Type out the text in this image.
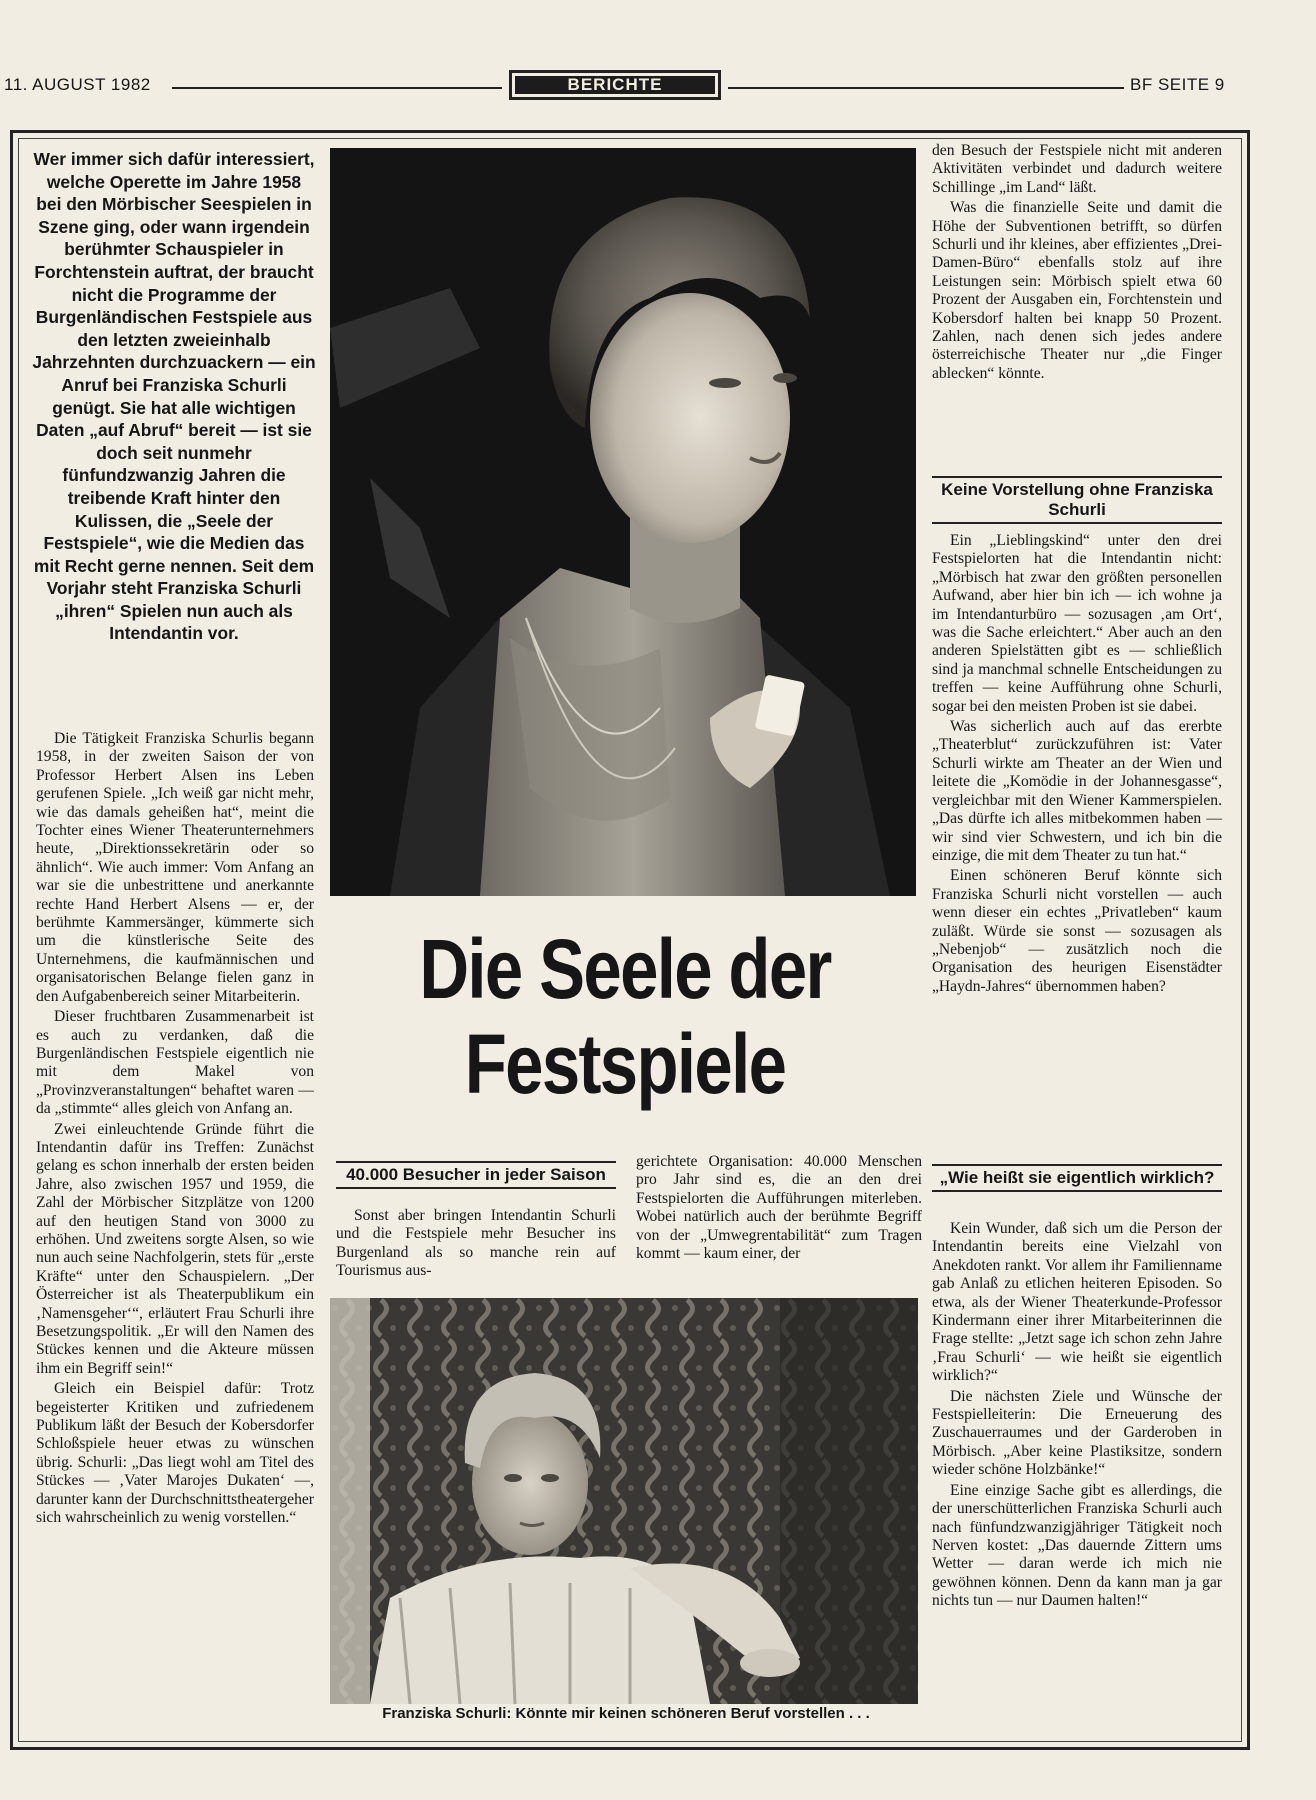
11. AUGUST 1982	BERICHTE	BF SEITE 9
Wer immer sich dafür interessiert, welche Operette im Jahre 1958 bei den Mörbischer Seespielen in Szene ging, oder wann irgendein berühmter Schauspieler in Forchtenstein auftrat, der braucht nicht die Programme der Burgenländischen Festspiele aus den letzten zweieinhalb Jahrzehnten durchzuackern — ein Anruf bei Franziska Schurli genügt. Sie hat alle wichtigen Daten „auf Abruf“ bereit — ist sie doch seit nunmehr fünfundzwanzig Jahren die treibende Kraft hinter den Kulissen, die „Seele der Festspiele“, wie die Medien das mit Recht gerne nennen. Seit dem Vorjahr steht Franziska Schurli „ihren“ Spielen nun auch als Intendantin vor.

Die Tätigkeit Franziska Schurlis begann 1958, in der zweiten Saison der von Professor Herbert Alsen ins Leben gerufenen Spiele. „Ich weiß gar nicht mehr, wie das damals geheißen hat“, meint die Tochter eines Wiener Theaterunternehmers heute, „Direktionssekretärin oder so ähnlich“. Wie auch immer: Vom Anfang an war sie die unbestrittene und anerkannte rechte Hand Herbert Alsens — er, der berühmte Kammersänger, kümmerte sich um die künstlerische Seite des Unternehmens, die kaufmännischen und organisatorischen Belange fielen ganz in den Aufgabenbereich seiner Mitarbeiterin.

Dieser fruchtbaren Zusammenarbeit ist es auch zu verdanken, daß die Burgenländischen Festspiele eigentlich nie mit dem Makel von „Provinzveranstaltungen“ behaftet waren — da „stimmte“ alles gleich von Anfang an.

Zwei einleuchtende Gründe führt die Intendantin dafür ins Treffen: Zunächst gelang es schon innerhalb der ersten beiden Jahre, also zwischen 1957 und 1959, die Zahl der Mörbischer Sitzplätze von 1200 auf den heutigen Stand von 3000 zu erhöhen. Und zweitens sorgte Alsen, so wie nun auch seine Nachfolgerin, stets für „erste Kräfte“ unter den Schauspielern. „Der Österreicher ist als Theaterpublikum ein ‚Namensgeher‘“, erläutert Frau Schurli ihre Besetzungspolitik. „Er will den Namen des Stückes kennen und die Akteure müssen ihm ein Begriff sein!“

Gleich ein Beispiel dafür: Trotz begeisterter Kritiken und zufriedenem Publikum läßt der Besuch der Kobersdorfer Schloßspiele heuer etwas zu wünschen übrig. Schurli: „Das liegt wohl am Titel des Stückes — ‚Vater Marojes Dukaten‘ —, darunter kann der Durchschnittstheatergeher sich wahrscheinlich zu wenig vorstellen.“

Die Seele der
Festspiele
40.000 Besucher in jeder Saison

Sonst aber bringen Intendantin Schurli und die Festspiele mehr Besucher ins Burgenland als so manche rein auf Tourismus aus-

gerichtete Organisation: 40.000 Menschen pro Jahr sind es, die an den drei Festspielorten die Aufführungen miterleben. Wobei natürlich auch der berühmte Begriff von der „Umwegrentabilität“ zum Tragen kommt — kaum einer, der

Franziska Schurli: Könnte mir keinen schöneren Beruf vorstellen . . .

den Besuch der Festspiele nicht mit anderen Aktivitäten verbindet und dadurch weitere Schillinge „im Land“ läßt.

Was die finanzielle Seite und damit die Höhe der Subventionen betrifft, so dürfen Schurli und ihr kleines, aber effizientes „Drei-Damen-Büro“ ebenfalls stolz auf ihre Leistungen sein: Mörbisch spielt etwa 60 Prozent der Ausgaben ein, Forchtenstein und Kobersdorf halten bei knapp 50 Prozent. Zahlen, nach denen sich jedes andere österreichische Theater nur „die Finger ablecken“ könnte.

Keine Vorstellung ohne Franziska Schurli

Ein „Lieblingskind“ unter den drei Festspielorten hat die Intendantin nicht: „Mörbisch hat zwar den größten personellen Aufwand, aber hier bin ich — ich wohne ja im Intendanturbüro — sozusagen ‚am Ort‘, was die Sache erleichtert.“ Aber auch an den anderen Spielstätten gibt es — schließlich sind ja manchmal schnelle Entscheidungen zu treffen — keine Aufführung ohne Schurli, sogar bei den meisten Proben ist sie dabei.

Was sicherlich auch auf das ererbte „Theaterblut“ zurückzuführen ist: Vater Schurli wirkte am Theater an der Wien und leitete die „Komödie in der Johannesgasse“, vergleichbar mit den Wiener Kammerspielen. „Das dürfte ich alles mitbekommen haben — wir sind vier Schwestern, und ich bin die einzige, die mit dem Theater zu tun hat.“

Einen schöneren Beruf könnte sich Franziska Schurli nicht vorstellen — auch wenn dieser ein echtes „Privatleben“ kaum zuläßt. Würde sie sonst — sozusagen als „Nebenjob“ — zusätzlich noch die Organisation des heurigen Eisenstädter „Haydn-Jahres“ übernommen haben?

„Wie heißt sie eigentlich wirklich?

Kein Wunder, daß sich um die Person der Intendantin bereits eine Vielzahl von Anekdoten rankt. Vor allem ihr Familienname gab Anlaß zu etlichen heiteren Episoden. So etwa, als der Wiener Theaterkunde-Professor Kindermann einer ihrer Mitarbeiterinnen die Frage stellte: „Jetzt sage ich schon zehn Jahre ‚Frau Schurli‘ — wie heißt sie eigentlich wirklich?“

Die nächsten Ziele und Wünsche der Festspielleiterin: Die Erneuerung des Zuschauerraumes und der Garderoben in Mörbisch. „Aber keine Plastiksitze, sondern wieder schöne Holzbänke!“

Eine einzige Sache gibt es allerdings, die der unerschütterlichen Franziska Schurli auch nach fünfundzwanzigjähriger Tätigkeit noch Nerven kostet: „Das dauernde Zittern ums Wetter — daran werde ich mich nie gewöhnen können. Denn da kann man ja gar nichts tun — nur Daumen halten!“
